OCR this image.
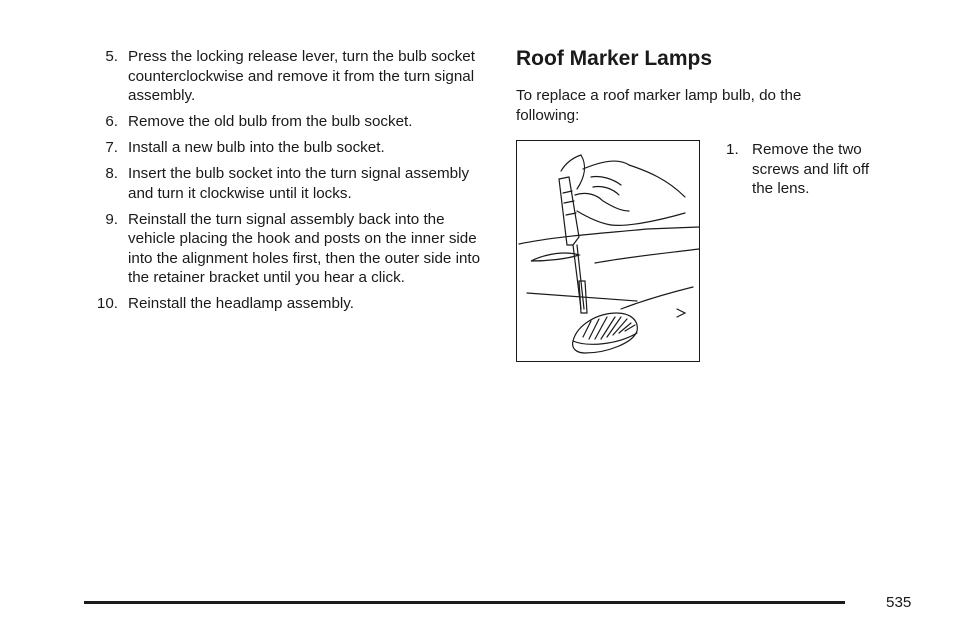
5. Press the locking release lever, turn the bulb socket counterclockwise and remove it from the turn signal assembly.
6. Remove the old bulb from the bulb socket.
7. Install a new bulb into the bulb socket.
8. Insert the bulb socket into the turn signal assembly and turn it clockwise until it locks.
9. Reinstall the turn signal assembly back into the vehicle placing the hook and posts on the inner side into the alignment holes first, then the outer side into the retainer bracket until you hear a click.
10. Reinstall the headlamp assembly.
Roof Marker Lamps

To replace a roof marker lamp bulb, do the following:

1. Remove the two screws and lift off the lens.
535
